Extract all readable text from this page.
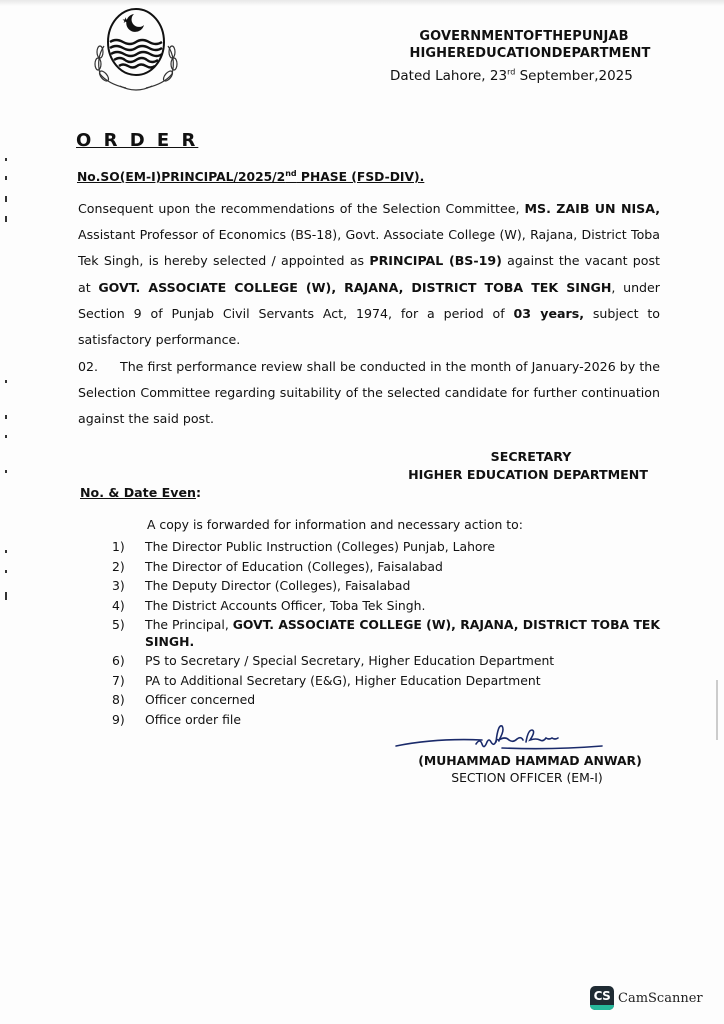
★
GOVERNMENTOFTHEPUNJAB
HIGHEREDUCATIONDEPARTMENT
Dated Lahore, 23rd September,2025
O R D E R
No.SO(EM-I)PRINCIPAL/2025/2nd PHASE (FSD-DIV).
Consequent upon the recommendations of the Selection Committee, MS. ZAIB UN NISA, Assistant Professor of Economics (BS-18), Govt. Associate College (W), Rajana, District Toba Tek Singh, is hereby selected / appointed as PRINCIPAL (BS-19) against the vacant post at GOVT. ASSOCIATE COLLEGE (W), RAJANA, DISTRICT TOBA TEK SINGH, under Section 9 of Punjab Civil Servants Act, 1974, for a period of 03 years, subject to satisfactory performance.
02. The first performance review shall be conducted in the month of January-2026 by the Selection Committee regarding suitability of the selected candidate for further continuation against the said post.
SECRETARY
HIGHER EDUCATION DEPARTMENT
No. & Date Even:
A copy is forwarded for information and necessary action to:
1)	The Director Public Instruction (Colleges) Punjab, Lahore
2)	The Director of Education (Colleges), Faisalabad
3)	The Deputy Director (Colleges), Faisalabad
4)	The District Accounts Officer, Toba Tek Singh.
5)	The Principal, GOVT. ASSOCIATE COLLEGE (W), RAJANA, DISTRICT TOBA TEK SINGH.
6)	PS to Secretary / Special Secretary, Higher Education Department
7)	PA to Additional Secretary (E&G), Higher Education Department
8)	Officer concerned
9)	Office order file
(MUHAMMAD HAMMAD ANWAR)
SECTION OFFICER (EM-I)
CS CamScanner
